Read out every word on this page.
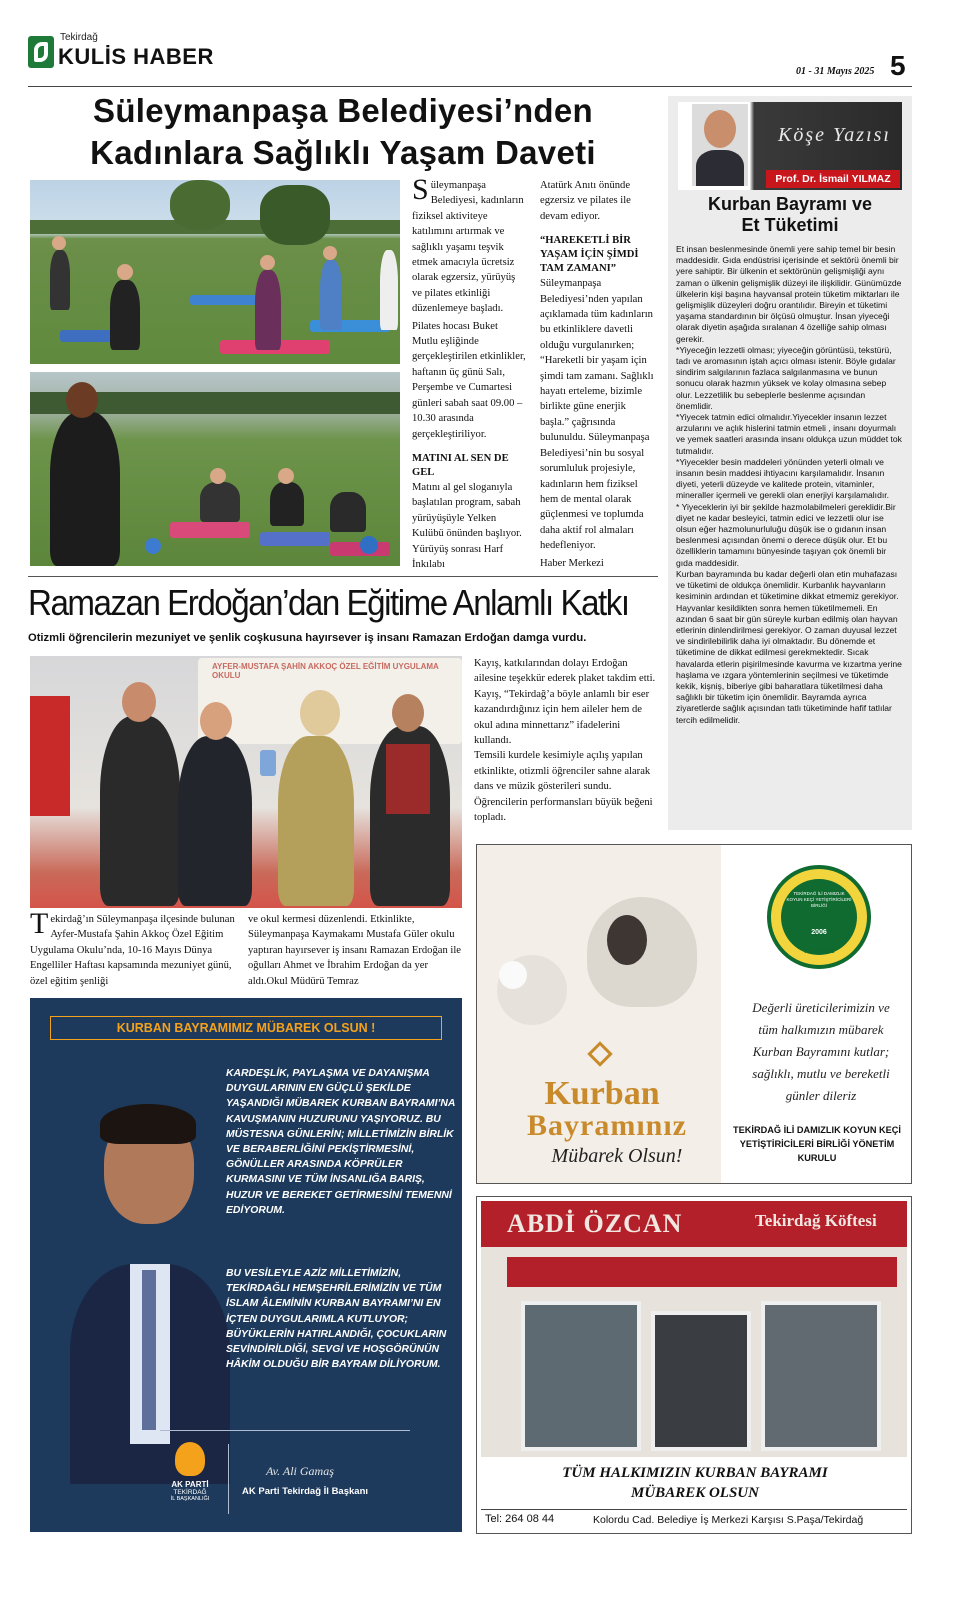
Tekirdağ
KULİS HABER
01 - 31 Mayıs 2025 5
Süleymanpaşa Belediyesi’nden
Kadınlara Sağlıklı Yaşam Daveti

Süleymanpaşa Belediyesi, kadınların fiziksel aktiviteye katılımını artırmak ve sağlıklı yaşamı teşvik etmek amacıyla ücretsiz olarak egzersiz, yürüyüş ve pilates etkinliği düzenlemeye başladı.

Pilates hocası Buket Mutlu eşliğinde gerçekleştirilen etkinlikler, haftanın üç günü Salı, Perşembe ve Cumartesi günleri sabah saat 09.00 – 10.30 arasında gerçekleştiriliyor.

MATINI AL SEN DE GEL

Matını al gel sloganıyla başlatılan program, sabah yürüyüşüyle Yelken Kulübü önünden başlıyor. Yürüyüş sonrası Harf İnkılabı

Atatürk Anıtı önünde egzersiz ve pilates ile devam ediyor.

“HAREKETLİ BİR YAŞAM İÇİN ŞİMDİ TAM ZAMANI”

Süleymanpaşa Belediyesi’nden yapılan açıklamada tüm kadınların bu etkinliklere davetli olduğu vurgulanırken; “Hareketli bir yaşam için şimdi tam zamanı. Sağlıklı hayatı erteleme, bizimle birlikte güne enerjik başla.” çağrısında bulunuldu. Süleymanpaşa Belediyesi’nin bu sosyal sorumluluk projesiyle, kadınların hem fiziksel hem de mental olarak güçlenmesi ve toplumda daha aktif rol almaları hedefleniyor.

Haber Merkezi

Köşe Yazısı
Prof. Dr. İsmail YILMAZ
Kurban Bayramı ve
Et Tüketimi
Et insan beslenmesinde önemli yere sahip temel bir besin maddesidir. Gıda endüstrisi içerisinde et sektörü önemli bir yere sahiptir. Bir ülkenin et sektörünün gelişmişliği aynı zaman o ülkenin gelişmişlik düzeyi ile ilişkilidir. Günümüzde ülkelerin kişi başına hayvansal protein tüketim miktarları ile gelişmişlik düzeyleri doğru orantılıdır. Bireyin et tüketimi yaşama standardının bir ölçüsü olmuştur. İnsan yiyeceği olarak diyetin aşağıda sıralanan 4 özelliğe sahip olması gerekir.
*Yiyeceğin lezzetli olması; yiyeceğin görüntüsü, tekstürü, tadı ve aromasının iştah açıcı olması istenir. Böyle gıdalar sindirim salgılarının fazlaca salgılanmasına ve bunun sonucu olarak hazmın yüksek ve kolay olmasına sebep olur. Lezzetlilik bu sebeplerle beslenme açısından önemlidir.
*Yiyecek tatmin edici olmalıdır.Yiyecekler insanın lezzet arzularını ve açlık hislerini tatmin etmeli , insanı doyurmalı ve yemek saatleri arasında insanı oldukça uzun müddet tok tutmalıdır.
*Yiyecekler besin maddeleri yönünden yeterli olmalı ve insanın besin maddesi ihtiyacını karşılamalıdır. İnsanın diyeti, yeterli düzeyde ve kalitede protein, vitaminler, mineraller içermeli ve gerekli olan enerjiyi karşılamalıdır.
* Yiyeceklerin iyi bir şekilde hazmolabilmeleri gereklidir.Bir diyet ne kadar besleyici, tatmin edici ve lezzetli olur ise olsun eğer hazmolunurluluğu düşük ise o gıdanın insan beslenmesi açısından önemi o derece düşük olur. Et bu özelliklerin tamamını bünyesinde taşıyan çok önemli bir gıda maddesidir.
Kurban bayramında bu kadar değerli olan etin muhafazası ve tüketimi de oldukça önemlidir. Kurbanlık hayvanların kesiminin ardından et tüketimine dikkat etmemiz gerekiyor. Hayvanlar kesildikten sonra hemen tüketilmemeli. En azından 6 saat bir gün süreyle kurban edilmiş olan hayvan etlerinin dinlendirilmesi gerekiyor. O zaman duyusal lezzet ve sindirilebilirlik daha iyi olmaktadır. Bu dönemde et tüketimine de dikkat edilmesi gerekmektedir. Sıcak havalarda etlerin pişirilmesinde kavurma ve kızartma yerine haşlama ve ızgara yöntemlerinin seçilmesi ve tüketimde kekik, kişniş, biberiye gibi baharatlara tüketilmesi daha sağlıklı bir tüketim için önemlidir. Bayramda ayrıca ziyaretlerde sağlık açısından tatlı tüketiminde hafif tatlılar tercih edilmelidir.
Ramazan Erdoğan’dan Eğitime Anlamlı Katkı
Otizmli öğrencilerin mezuniyet ve şenlik coşkusuna hayırsever iş insanı Ramazan Erdoğan damga vurdu.
AYFER-MUSTAFA ŞAHİN AKKOÇ ÖZEL EĞİTİM UYGULAMA OKULU
Kayış, katkılarından dolayı Erdoğan ailesine teşekkür ederek plaket takdim etti. Kayış, “Tekirdağ’a böyle anlamlı bir eser kazandırdığınız için hem aileler hem de okul adına minnettarız” ifadelerini kullandı.
Temsili kurdele kesimiyle açılış yapılan etkinlikte, otizmli öğrenciler sahne alarak dans ve müzik gösterileri sundu. Öğrencilerin performansları büyük beğeni topladı.
Tekirdağ’ın Süleymanpaşa ilçesinde bulunan Ayfer-Mustafa Şahin Akkoç Özel Eğitim Uygulama Okulu’nda, 10-16 Mayıs Dünya Engelliler Haftası kapsamında mezuniyet günü, özel eğitim şenliği
ve okul kermesi düzenlendi. Etkinlikte, Süleymanpaşa Kaymakamı Mustafa Güler okulu yaptıran hayırsever iş insanı Ramazan Erdoğan ile oğulları Ahmet ve İbrahim Erdoğan da yer aldı.Okul Müdürü Temraz
KURBAN BAYRAMIMIZ MÜBAREK OLSUN !
KARDEŞLİK, PAYLAŞMA VE DAYANIŞMA DUYGULARININ EN GÜÇLÜ ŞEKİLDE YAŞANDIĞI MÜBAREK KURBAN BAYRAMI’NA KAVUŞMANIN HUZURUNU YAŞIYORUZ. BU MÜSTESNA GÜNLERİN; MİLLETİMİZİN BİRLİK VE BERABERLİĞİNİ PEKİŞTİRMESİNİ, GÖNÜLLER ARASINDA KÖPRÜLER KURMASINI VE TÜM İNSANLIĞA BARIŞ, HUZUR VE BEREKET GETİRMESİNİ TEMENNİ EDİYORUM.
BU VESİLEYLE AZİZ MİLLETİMİZİN, TEKİRDAĞLI HEMŞEHRİLERİMİZİN VE TÜM İSLAM ÂLEMİNİN KURBAN BAYRAMI’NI EN İÇTEN DUYGULARIMLA KUTLUYOR; BÜYÜKLERİN HATIRLANDIĞI, ÇOCUKLARIN SEVİNDİRİLDİĞİ, SEVGİ VE HOŞGÖRÜNÜN HÂKİM OLDUĞU BİR BAYRAM DİLİYORUM.
AK PARTİ
TEKİRDAĞ
İL BAŞKANLIĞI
Av. Ali Gamaş
AK Parti Tekirdağ İl Başkanı
Kurban
Bayramınız
Mübarek Olsun!
2006
TEKİRDAĞ
TEKİRDAĞ İLİ DAMIZLIK KOYUN KEÇİ YETİŞTİRİCİLERİ BİRLİĞİ
Değerli üreticilerimizin ve tüm halkımızın mübarek Kurban Bayramını kutlar; sağlıklı, mutlu ve bereketli günler dileriz
TEKİRDAĞ İLİ DAMIZLIK KOYUN KEÇİ YETİŞTİRİCİLERİ BİRLİĞİ YÖNETİM KURULU
ABDİ ÖZCAN	Tekirdağ Köftesi
TÜM HALKIMIZIN KURBAN BAYRAMI
MÜBAREK OLSUN
Tel: 264 08 44	Kolordu Cad. Belediye İş Merkezi Karşısı S.Paşa/Tekirdağ
